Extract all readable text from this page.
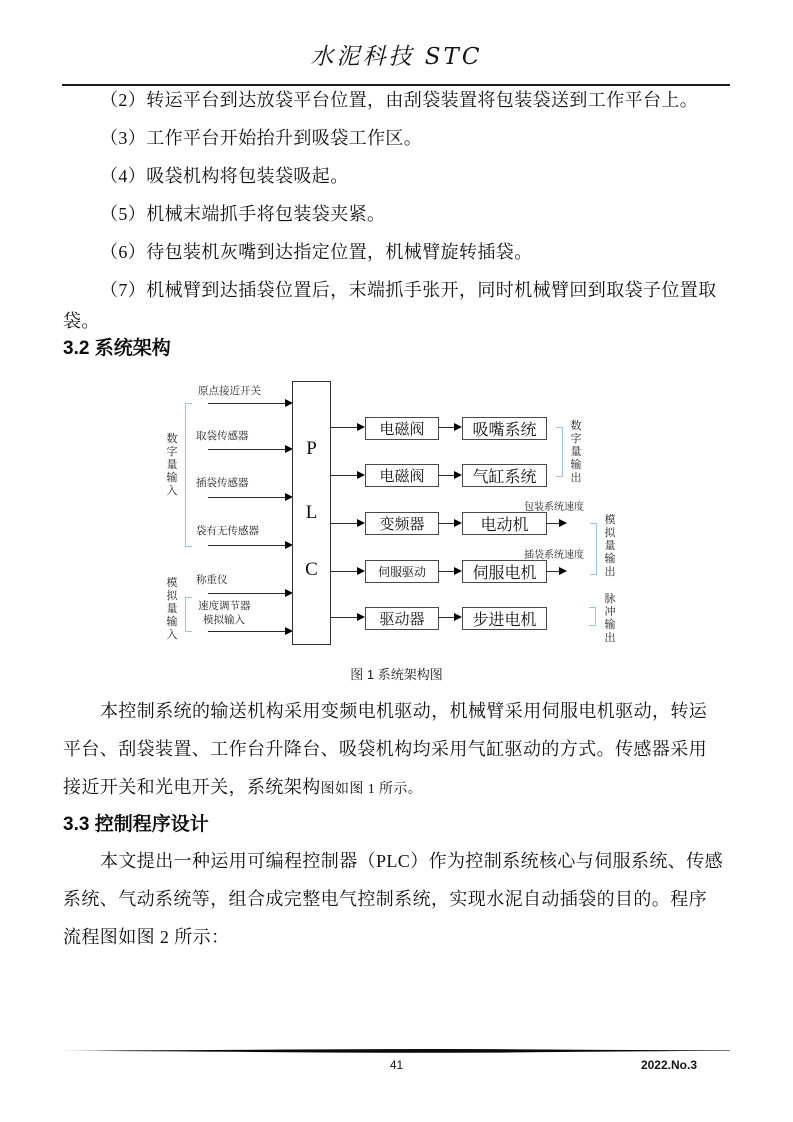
水泥科技 STC
（2）转运平台到达放袋平台位置，由刮袋装置将包装袋送到工作平台上。
（3）工作平台开始抬升到吸袋工作区。
（4）吸袋机构将包装袋吸起。
（5）机械末端抓手将包装袋夹紧。
（6）待包装机灰嘴到达指定位置，机械臂旋转插袋。
（7）机械臂到达插袋位置后，末端抓手张开，同时机械臂回到取袋子位置取
袋。
3.2 系统架构
原点接近开关
取袋传感器
插袋传感器
袋有无传感器
称重仪
速度调节器
模拟输入
数字量输入
模拟量输入
P
L
C
电磁阀
电磁阀
变频器
伺服驱动
驱动器
吸嘴系统
气缸系统
电动机
伺服电机
步进电机
包装系统速度
插袋系统速度
数字量输出
模拟量输出
脉冲输出
图 1 系统架构图
本控制系统的输送机构采用变频电机驱动，机械臂采用伺服电机驱动，转运
平台、刮袋装置、工作台升降台、吸袋机构均采用气缸驱动的方式。传感器采用
接近开关和光电开关，系统架构图如图 1 所示。
3.3 控制程序设计
本文提出一种运用可编程控制器（PLC）作为控制系统核心与伺服系统、传感
系统、气动系统等，组合成完整电气控制系统，实现水泥自动插袋的目的。程序
流程图如图 2 所示：
41	2022.No.3
